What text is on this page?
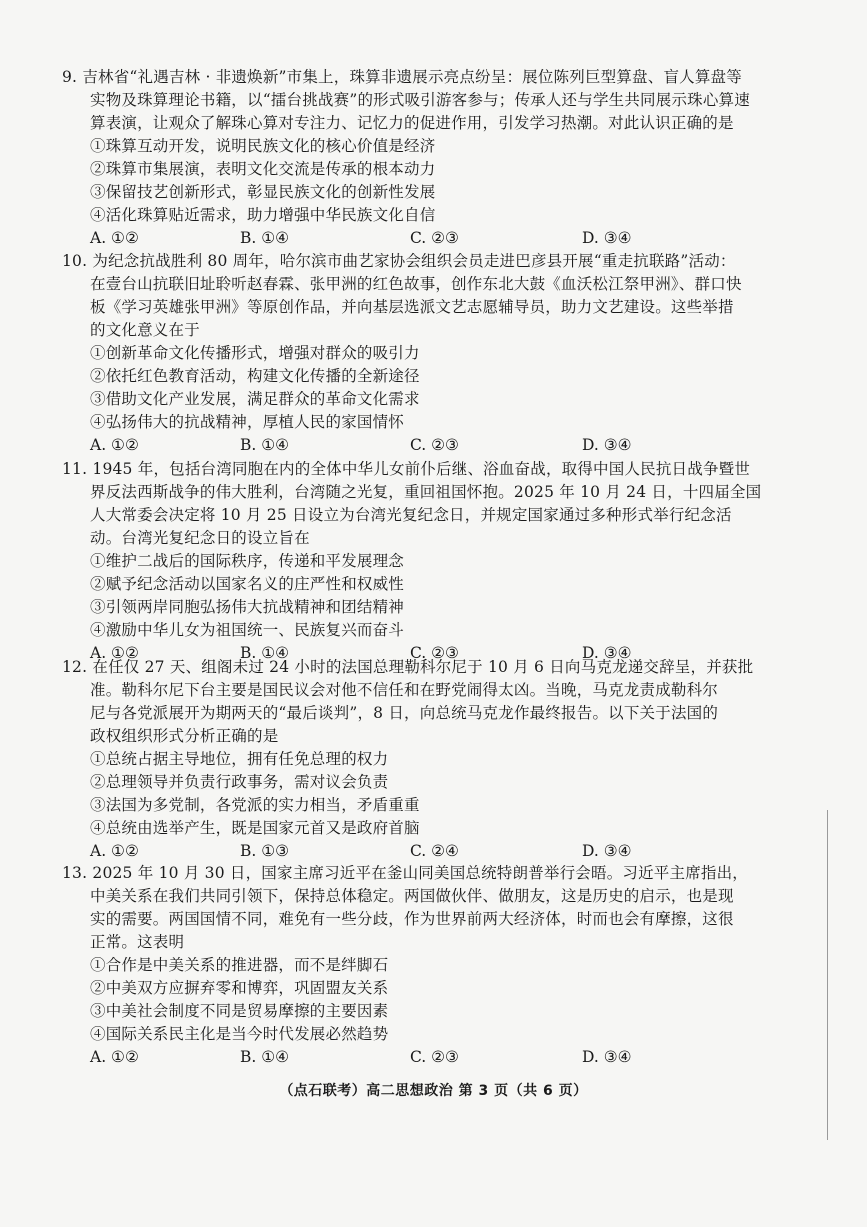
9. 吉林省“礼遇吉林 · 非遗焕新”市集上，珠算非遗展示亮点纷呈：展位陈列巨型算盘、盲人算盘等
实物及珠算理论书籍，以“擂台挑战赛”的形式吸引游客参与；传承人还与学生共同展示珠心算速
算表演，让观众了解珠心算对专注力、记忆力的促进作用，引发学习热潮。对此认识正确的是
①珠算互动开发，说明民族文化的核心价值是经济
②珠算市集展演，表明文化交流是传承的根本动力
③保留技艺创新形式，彰显民族文化的创新性发展
④活化珠算贴近需求，助力增强中华民族文化自信
A. ①②	B. ①④	C. ②③	D. ③④
10. 为纪念抗战胜利 80 周年，哈尔滨市曲艺家协会组织会员走进巴彦县开展“重走抗联路”活动：
在壹台山抗联旧址聆听赵春霖、张甲洲的红色故事，创作东北大鼓《血沃松江祭甲洲》、群口快
板《学习英雄张甲洲》等原创作品，并向基层选派文艺志愿辅导员，助力文艺建设。这些举措
的文化意义在于
①创新革命文化传播形式，增强对群众的吸引力
②依托红色教育活动，构建文化传播的全新途径
③借助文化产业发展，满足群众的革命文化需求
④弘扬伟大的抗战精神，厚植人民的家国情怀
A. ①②	B. ①④	C. ②③	D. ③④
11. 1945 年，包括台湾同胞在内的全体中华儿女前仆后继、浴血奋战，取得中国人民抗日战争暨世
界反法西斯战争的伟大胜利，台湾随之光复，重回祖国怀抱。2025 年 10 月 24 日，十四届全国
人大常委会决定将 10 月 25 日设立为台湾光复纪念日，并规定国家通过多种形式举行纪念活
动。台湾光复纪念日的设立旨在
①维护二战后的国际秩序，传递和平发展理念
②赋予纪念活动以国家名义的庄严性和权威性
③引领两岸同胞弘扬伟大抗战精神和团结精神
④激励中华儿女为祖国统一、民族复兴而奋斗
A. ①②	B. ①④	C. ②③	D. ③④
12. 在任仅 27 天、组阁未过 24 小时的法国总理勒科尔尼于 10 月 6 日向马克龙递交辞呈，并获批
准。勒科尔尼下台主要是国民议会对他不信任和在野党闹得太凶。当晚，马克龙责成勒科尔
尼与各党派展开为期两天的“最后谈判”，8 日，向总统马克龙作最终报告。以下关于法国的
政权组织形式分析正确的是
①总统占据主导地位，拥有任免总理的权力
②总理领导并负责行政事务，需对议会负责
③法国为多党制，各党派的实力相当，矛盾重重
④总统由选举产生，既是国家元首又是政府首脑
A. ①②	B. ①③	C. ②④	D. ③④
13. 2025 年 10 月 30 日，国家主席习近平在釜山同美国总统特朗普举行会晤。习近平主席指出，
中美关系在我们共同引领下，保持总体稳定。两国做伙伴、做朋友，这是历史的启示，也是现
实的需要。两国国情不同，难免有一些分歧，作为世界前两大经济体，时而也会有摩擦，这很
正常。这表明
①合作是中美关系的推进器，而不是绊脚石
②中美双方应摒弃零和博弈，巩固盟友关系
③中美社会制度不同是贸易摩擦的主要因素
④国际关系民主化是当今时代发展必然趋势
A. ①②	B. ①④	C. ②③	D. ③④
（点石联考）高二思想政治 第 3 页（共 6 页）
